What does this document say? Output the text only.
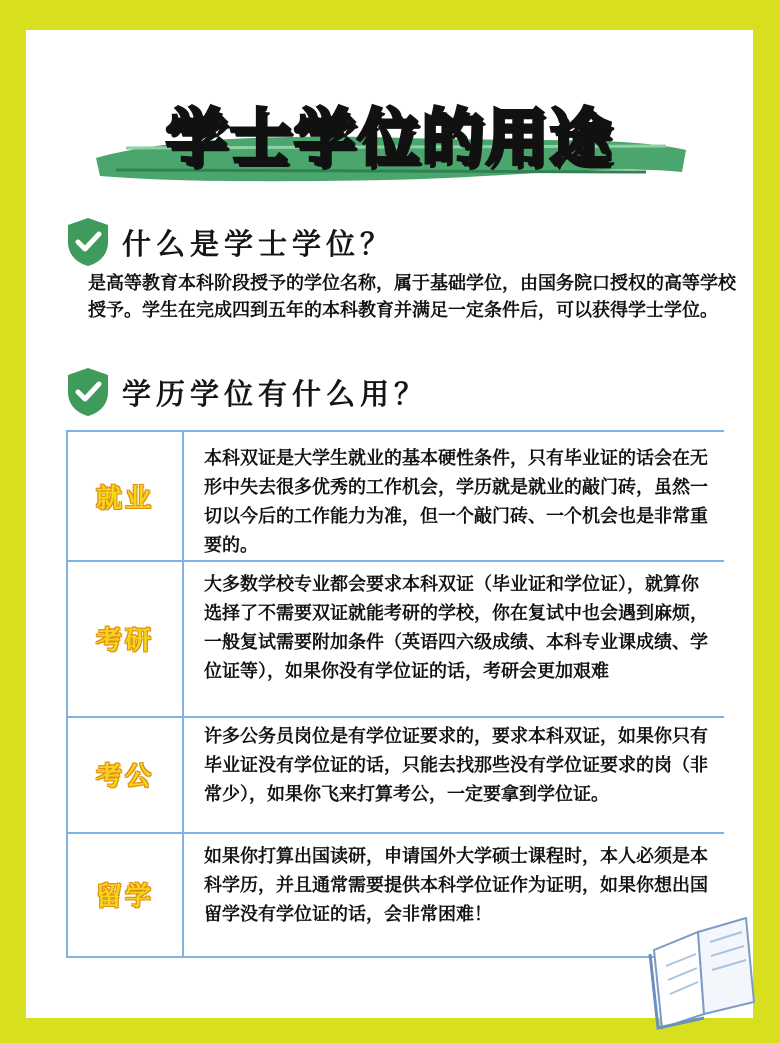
学士学位的用途
什么是学士学位？

是高等教育本科阶段授予的学位名称，属于基础学位，由国务院口授权的高等学校授予。学生在完成四到五年的本科教育并满足一定条件后，可以获得学士学位。

学历学位有什么用？
就业

本科双证是大学生就业的基本硬性条件，只有毕业证的话会在无形中失去很多优秀的工作机会，学历就是就业的敲门砖，虽然一切以今后的工作能力为准，但一个敲门砖、一个机会也是非常重要的。

考研

大多数学校专业都会要求本科双证（毕业证和学位证），就算你选择了不需要双证就能考研的学校，你在复试中也会遇到麻烦，一般复试需要附加条件（英语四六级成绩、本科专业课成绩、学位证等），如果你没有学位证的话，考研会更加艰难

考公

许多公务员岗位是有学位证要求的，要求本科双证，如果你只有毕业证没有学位证的话，只能去找那些没有学位证要求的岗（非常少），如果你飞来打算考公，一定要拿到学位证。

留学

如果你打算出国读研，申请国外大学硕士课程时，本人必须是本科学历，并且通常需要提供本科学位证作为证明，如果你想出国留学没有学位证的话，会非常困难！
